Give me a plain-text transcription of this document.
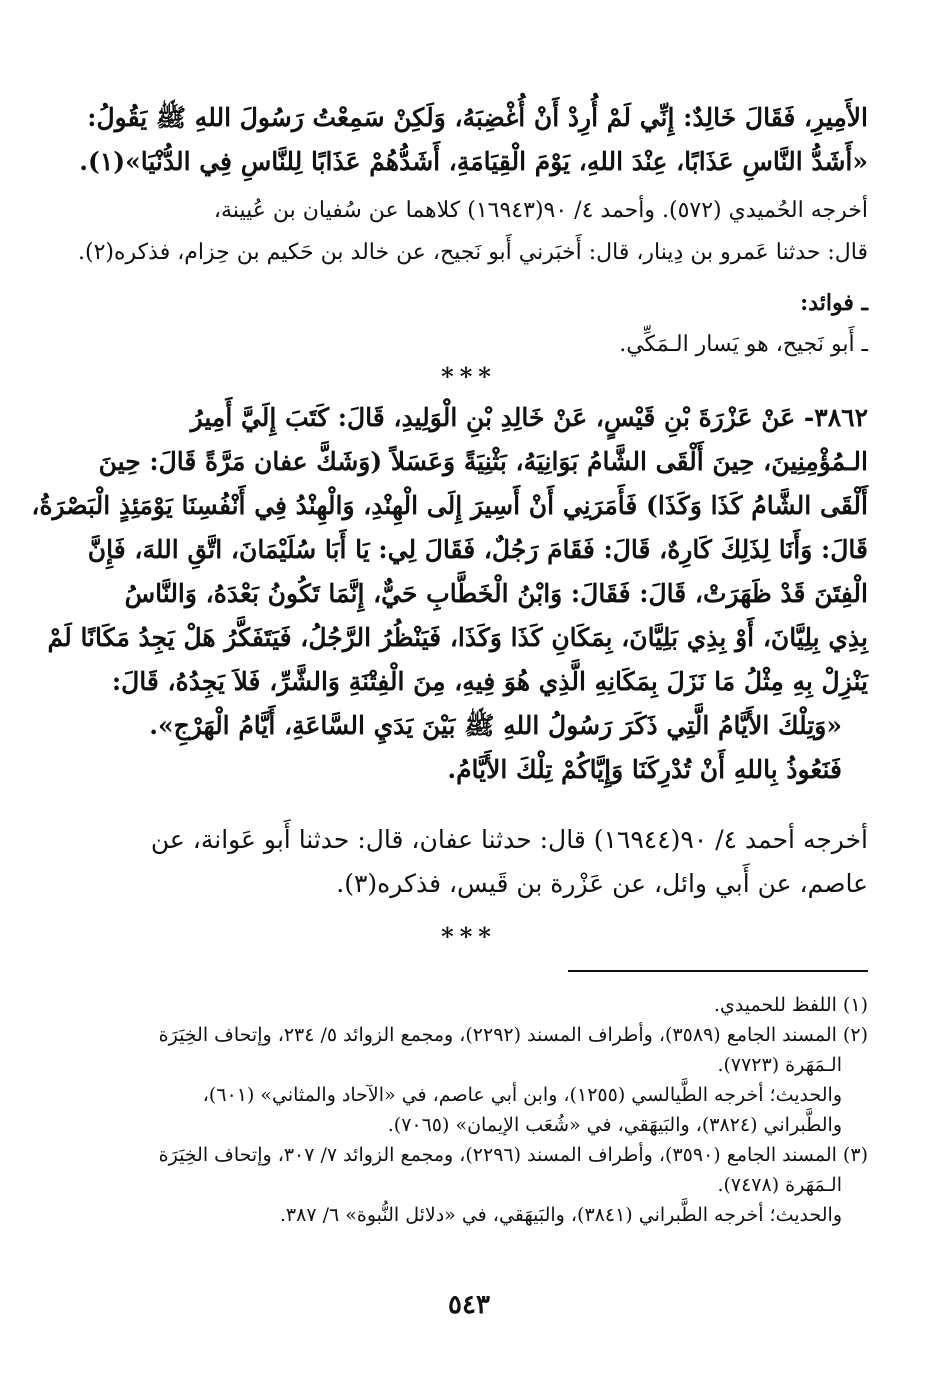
الأَمِيرِ، فَقَالَ خَالِدٌ: إِنِّي لَمْ أُرِدْ أَنْ أُغْضِبَهُ، وَلَكِنْ سَمِعْتُ رَسُولَ اللهِ ﷺ يَقُولُ:
«أَشَدُّ النَّاسِ عَذَابًا، عِنْدَ اللهِ، يَوْمَ الْقِيَامَةِ، أَشَدُّهُمْ عَذَابًا لِلنَّاسِ فِي الدُّنْيَا»(١).
أخرجه الحُميدي (٥٧٢). وأحمد ٤/ ٩٠(١٦٩٤٣) كلاهما عن سُفيان بن عُيينة،
قال: حدثنا عَمرو بن دِينار، قال: أَخبَرني أَبو نَجيح، عن خالد بن حَكيم بن حِزام، فذكره(٢).
ـ فوائد:
ـ أَبو نَجيح، هو يَسار الـمَكِّي.
***
٣٨٦٢- عَنْ عَزْرَةَ بْنِ قَيْسٍ، عَنْ خَالِدِ بْنِ الْوَلِيدِ، قَالَ: كَتَبَ إِلَيَّ أَمِيرُ
الـمُؤْمِنِينَ، حِينَ أَلْقَى الشَّامُ بَوَانِيَهُ، بَثْنِيَةً وَعَسَلاً (وَشَكَّ عفان مَرَّةً قَالَ: حِينَ
أَلْقَى الشَّامُ كَذَا وَكَذَا) فَأَمَرَنِي أَنْ أَسِيرَ إِلَى الْهِنْدِ، وَالْهِنْدُ فِي أَنْفُسِنَا يَوْمَئِذٍ الْبَصْرَةُ،
قَالَ: وَأَنَا لِذَلِكَ كَارِهٌ، قَالَ: فَقَامَ رَجُلٌ، فَقَالَ لِي: يَا أَبَا سُلَيْمَانَ، اتَّقِ اللهَ، فَإِنَّ
الْفِتَنَ قَدْ ظَهَرَتْ، قَالَ: فَقَالَ: وَابْنُ الْخَطَّابِ حَيٌّ، إِنَّمَا تَكُونُ بَعْدَهُ، وَالنَّاسُ
بِذِي بِلِيَّانَ، أَوْ بِذِي بَلِيَّانَ، بِمَكَانِ كَذَا وَكَذَا، فَيَنْظُرُ الرَّجُلُ، فَيَتَفَكَّرُ هَلْ يَجِدُ مَكَانًا لَمْ
يَنْزِلْ بِهِ مِثْلُ مَا نَزَلَ بِمَكَانِهِ الَّذِي هُوَ فِيهِ، مِنَ الْفِتْنَةِ وَالشَّرِّ، فَلاَ يَجِدُهُ، قَالَ:
«وَتِلْكَ الأَيَّامُ الَّتِي ذَكَرَ رَسُولُ اللهِ ﷺ بَيْنَ يَدَيِ السَّاعَةِ، أَيَّامُ الْهَرْجِ».
فَنَعُوذُ بِاللهِ أَنْ تُدْرِكَنَا وَإِيَّاكُمْ تِلْكَ الأَيَّامُ.
أخرجه أحمد ٤/ ٩٠(١٦٩٤٤) قال: حدثنا عفان، قال: حدثنا أَبو عَوانة، عن
عاصم، عن أَبي وائل، عن عَزْرة بن قَيس، فذكره(٣).
***
(١) اللفظ للحميدي.
(٢) المسند الجامع (٣٥٨٩)، وأطراف المسند (٢٢٩٢)، ومجمع الزوائد ٥/ ٢٣٤، وإتحاف الخِيَرَة
الـمَهَرة (٧٧٢٣).
والحديث؛ أخرجه الطَّيالسي (١٢٥٥)، وابن أبي عاصم، في «الآحاد والمثاني» (٦٠١)،
والطَّبراني (٣٨٢٤)، والبَيهَقي، في «شُعَب الإيمان» (٧٠٦٥).
(٣) المسند الجامع (٣٥٩٠)، وأطراف المسند (٢٢٩٦)، ومجمع الزوائد ٧/ ٣٠٧، وإتحاف الخِيَرَة
الـمَهَرة (٧٤٧٨).
والحديث؛ أخرجه الطَّبراني (٣٨٤١)، والبَيهَقي، في «دلائل النُّبوة» ٦/ ٣٨٧.
٥٤٣
